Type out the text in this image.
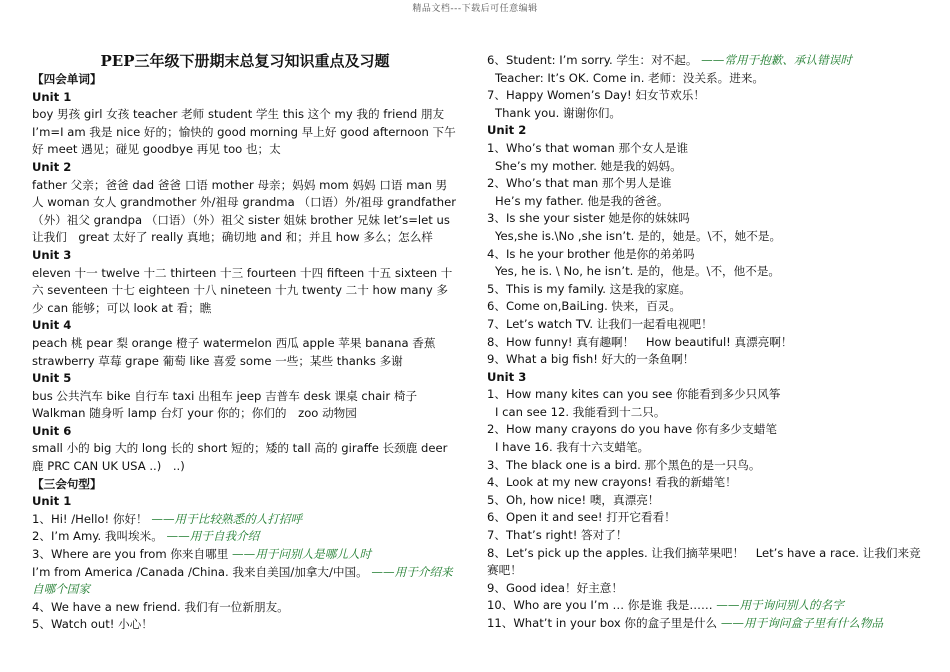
精品文档---下载后可任意编辑
PEP三年级下册期末总复习知识重点及习题
【四会单词】
Unit 1
boy 男孩 girl 女孩 teacher 老师 student 学生 this 这个 my 我的 friend 朋友 I’m=I am 我是 nice 好的；愉快的 good morning 早上好 good afternoon 下午好 meet 遇见；碰见 goodbye 再见 too 也；太
Unit 2
father 父亲；爸爸 dad 爸爸 口语 mother 母亲；妈妈 mom 妈妈 口语 man 男人 woman 女人 grandmother 外/祖母 grandma （口语）外/祖母 grandfather （外）祖父 grandpa （口语）（外）祖父 sister 姐妹 brother 兄妹 let’s=let us 让我们　great 太好了 really 真地；确切地 and 和；并且 how 多么；怎么样
Unit 3
eleven 十一 twelve 十二 thirteen 十三 fourteen 十四 fifteen 十五 sixteen 十六 seventeen 十七 eighteen 十八 nineteen 十九 twenty 二十 how many 多少 can 能够；可以 look at 看；瞧
Unit 4
peach 桃 pear 梨 orange 橙子 watermelon 西瓜 apple 苹果 banana 香蕉 strawberry 草莓 grape 葡萄 like 喜爱 some 一些；某些 thanks 多谢
Unit 5
bus 公共汽车 bike 自行车 taxi 出租车 jeep 吉普车 desk 课桌 chair 椅子 Walkman 随身听 lamp 台灯 your 你的；你们的　zoo 动物园
Unit 6
small 小的 big 大的 long 长的 short 短的；矮的 tall 高的 giraffe 长颈鹿 deer 鹿 PRC CAN UK USA ..)　..)
【三会句型】
Unit 1
1、Hi! /Hello! 你好！ ——用于比较熟悉的人打招呼
2、I’m Amy. 我叫埃米。 ——用于自我介绍
3、Where are you from 你来自哪里 ——用于问别人是哪儿人时
I’m from America /Canada /China. 我来自美国/加拿大/中国。 ——用于介绍来自哪个国家
4、We have a new friend. 我们有一位新朋友。
5、Watch out! 小心！
6、Student: I’m sorry. 学生：对不起。 ——常用于抱歉、承认错误时
Teacher: It’s OK. Come in. 老师：没关系。进来。
7、Happy Women’s Day! 妇女节欢乐！
Thank you. 谢谢你们。
Unit 2
1、Who’s that woman 那个女人是谁
She’s my mother. 她是我的妈妈。
2、Who’s that man 那个男人是谁
He’s my father. 他是我的爸爸。
3、Is she your sister 她是你的妹妹吗
Yes,she is.\No ,she isn’t. 是的，她是。\不，她不是。
4、Is he your brother 他是你的弟弟吗
Yes, he is. \ No, he isn’t. 是的，他是。\不，他不是。
5、This is my family. 这是我的家庭。
6、Come on,BaiLing. 快来，百灵。
7、Let’s watch TV. 让我们一起看电视吧！
8、How funny! 真有趣啊！　How beautiful! 真漂亮啊！
9、What a big fish! 好大的一条鱼啊！
Unit 3
1、How many kites can you see 你能看到多少只风筝
I can see 12. 我能看到十二只。
2、How many crayons do you have 你有多少支蜡笔
I have 16. 我有十六支蜡笔。
3、The black one is a bird. 那个黑色的是一只鸟。
4、Look at my new crayons! 看我的新蜡笔！
5、Oh, how nice! 噢，真漂亮！
6、Open it and see! 打开它看看！
7、That’s right! 答对了！
8、Let’s pick up the apples. 让我们摘苹果吧！　Let’s have a race. 让我们来竞赛吧！
9、Good idea！好主意！
10、Who are you I’m … 你是谁 我是…… ——用于询问别人的名字
11、What’t in your box 你的盒子里是什么 ——用于询问盒子里有什么物品
